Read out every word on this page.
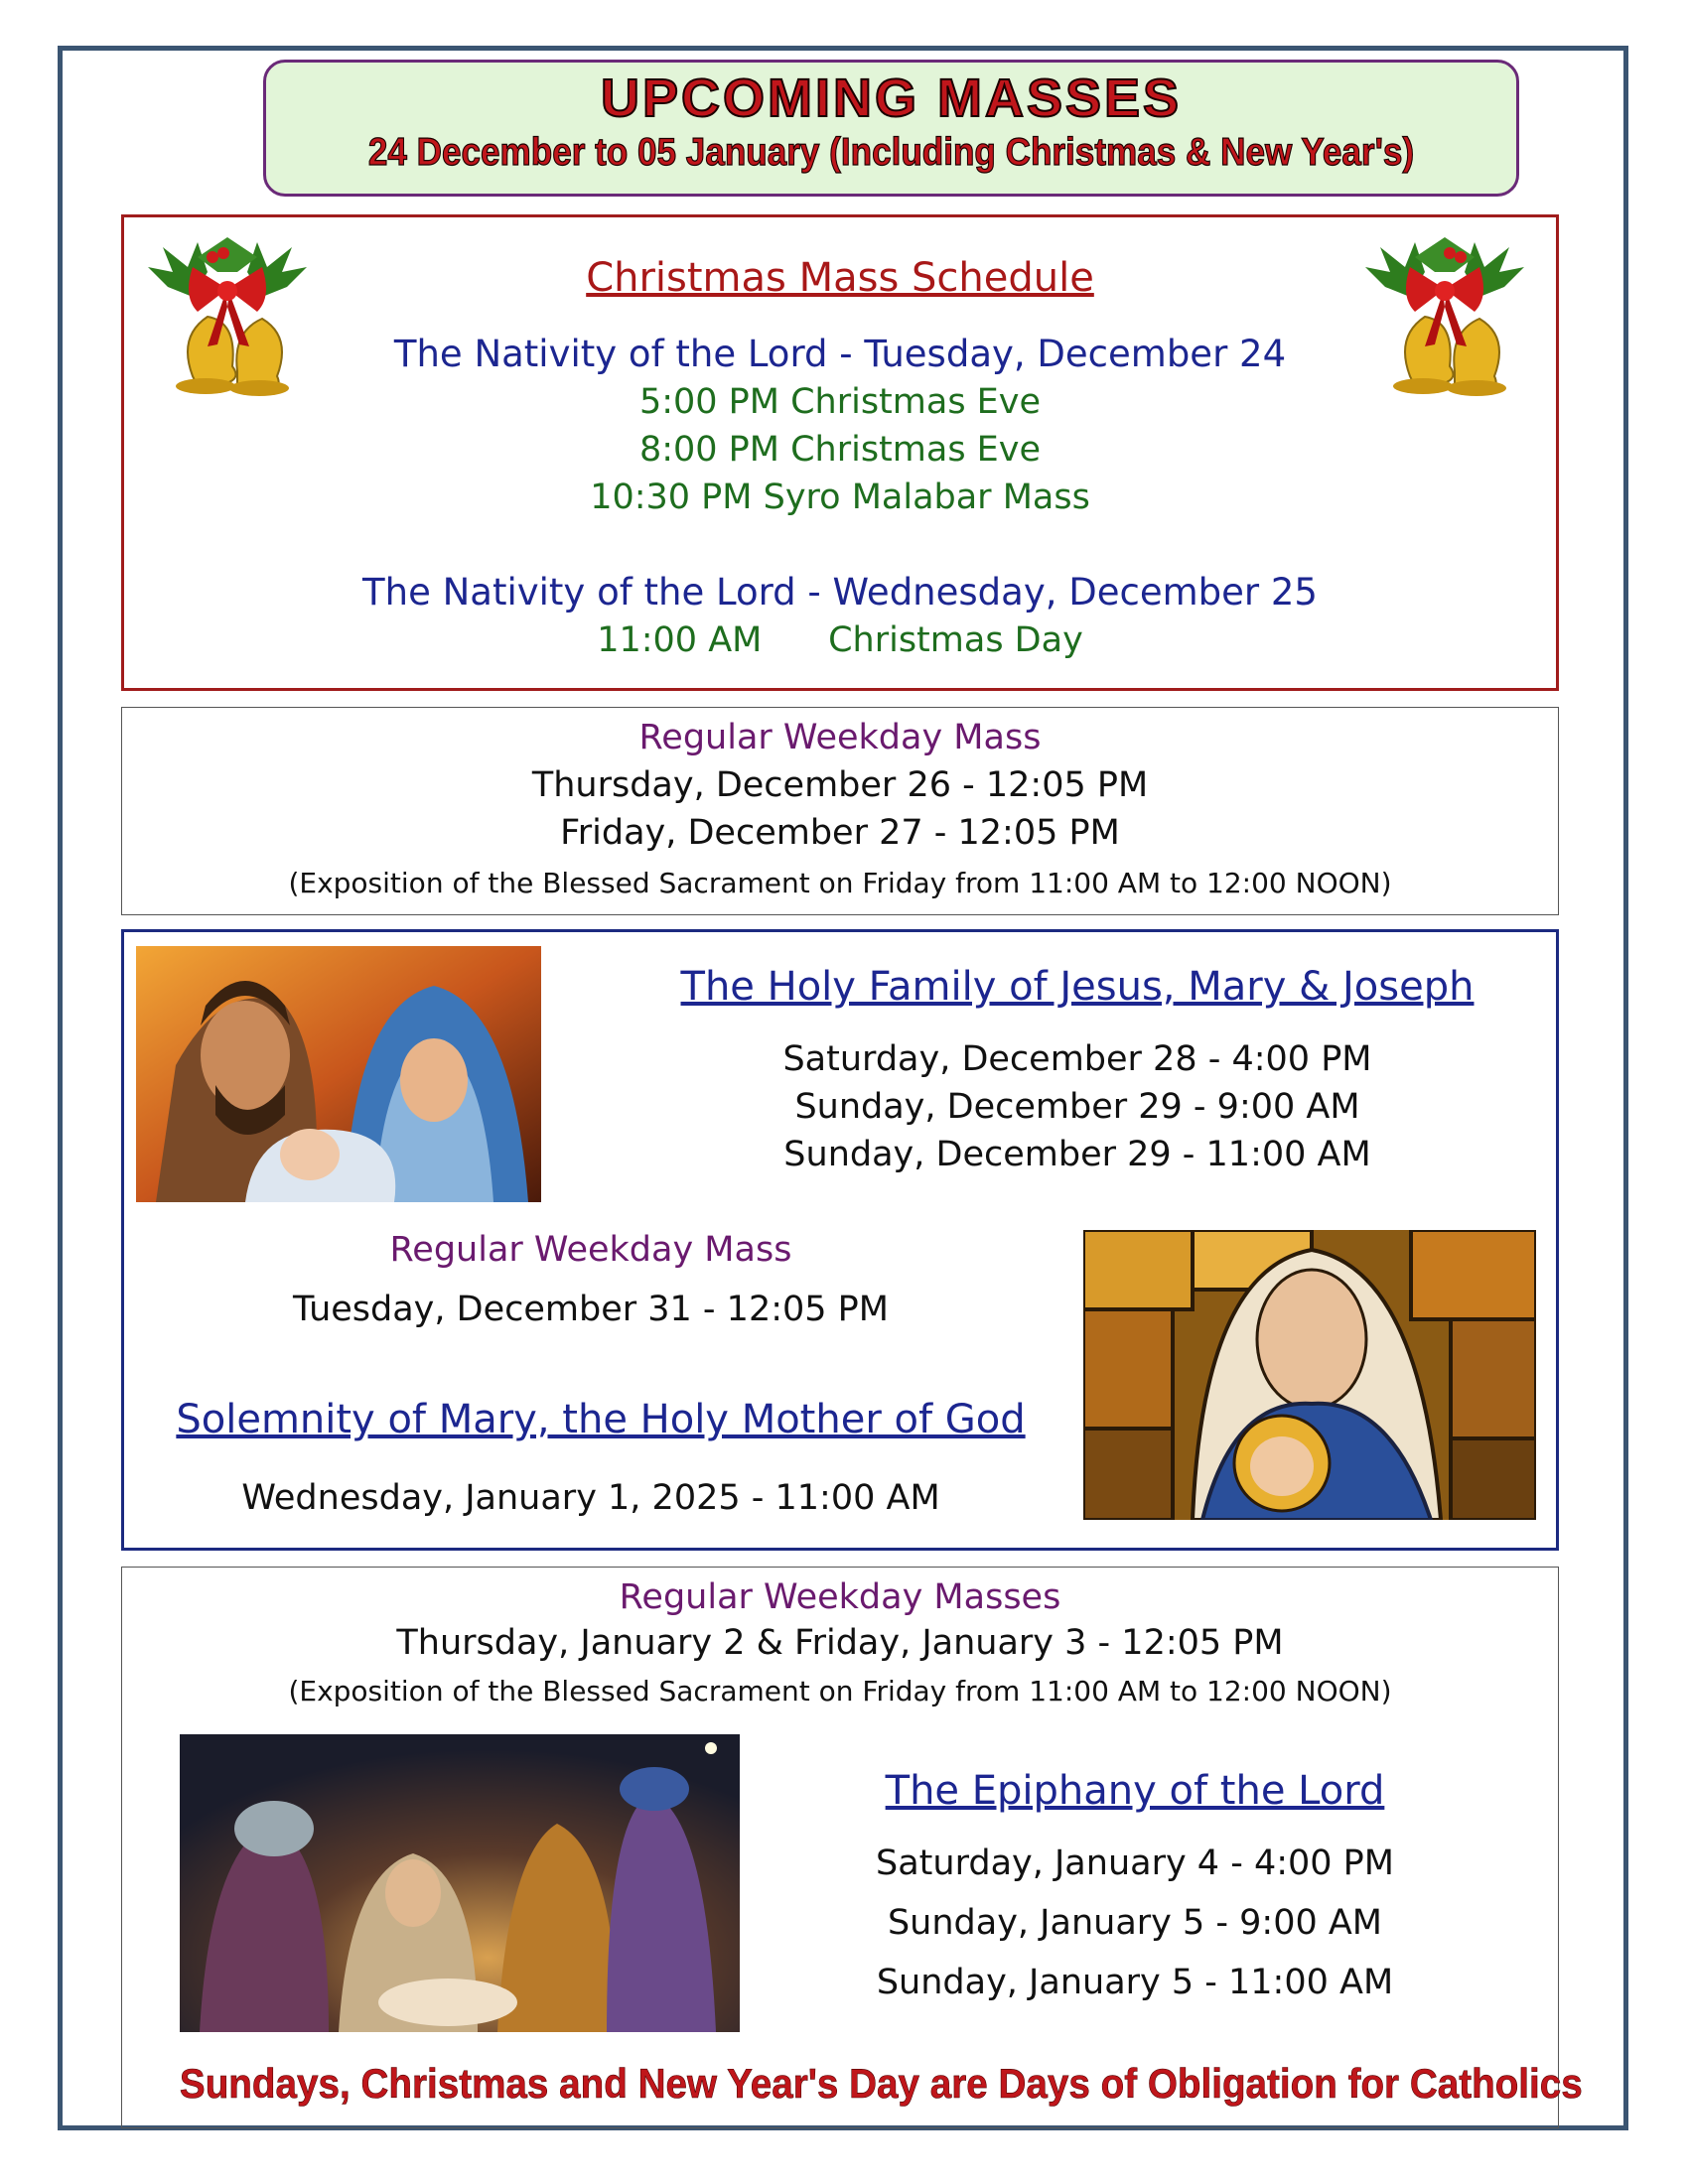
UPCOMING MASSES
24 December to 05 January (Including Christmas & New Year's)
Christmas Mass Schedule
The Nativity of the Lord - Tuesday, December 24
5:00 PM Christmas Eve
8:00 PM Christmas Eve
10:30 PM Syro Malabar Mass
The Nativity of the Lord - Wednesday, December 25
11:00 AM      Christmas Day
Regular Weekday Mass
Thursday, December 26 - 12:05 PM
Friday, December 27 - 12:05 PM
(Exposition of the Blessed Sacrament on Friday from 11:00 AM to 12:00 NOON)
The Holy Family of Jesus, Mary & Joseph
Saturday, December 28 - 4:00 PM
Sunday, December 29 - 9:00 AM
Sunday, December 29 - 11:00 AM
Regular Weekday Mass
Tuesday, December 31 - 12:05 PM
Solemnity of Mary, the Holy Mother of God
Wednesday, January 1, 2025 - 11:00 AM
Regular Weekday Masses
Thursday, January 2 & Friday, January 3 - 12:05 PM
(Exposition of the Blessed Sacrament on Friday from 11:00 AM to 12:00 NOON)
The Epiphany of the Lord
Saturday, January 4 - 4:00 PM
Sunday, January 5 - 9:00 AM
Sunday, January 5 - 11:00 AM
Sundays, Christmas and New Year's Day are Days of Obligation for Catholics
